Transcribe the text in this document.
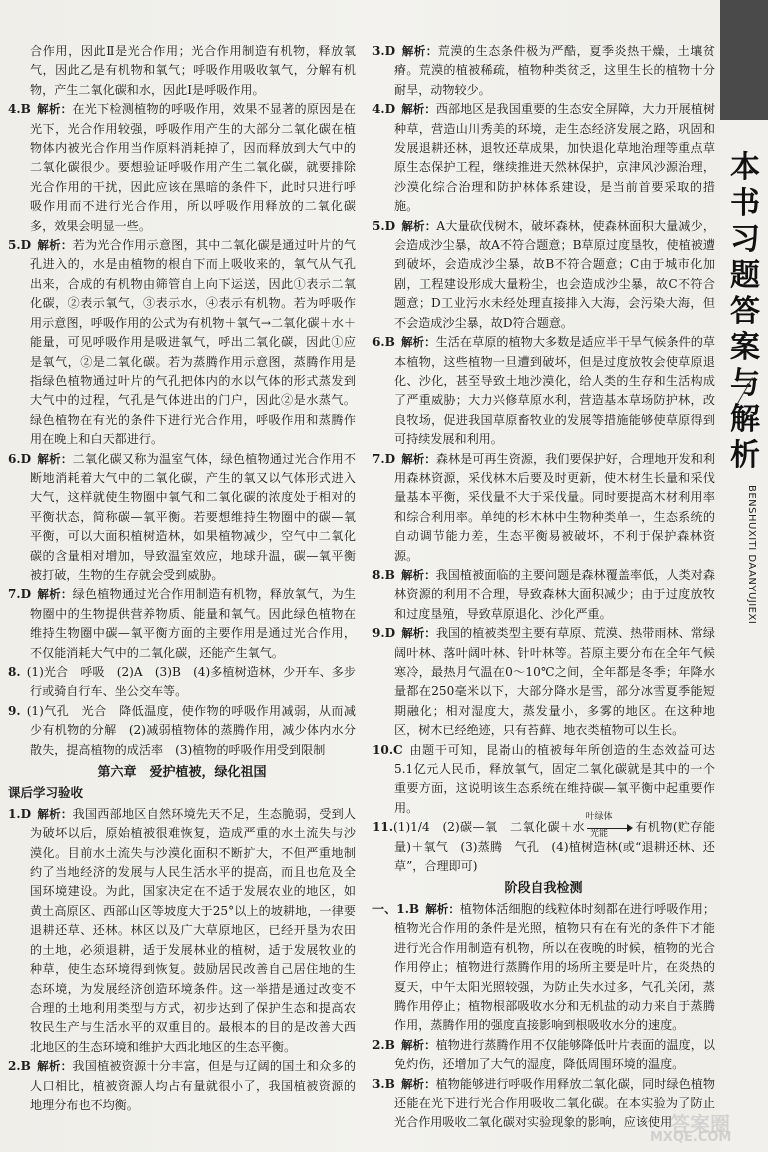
合作用，因此Ⅱ是光合作用；光合作用制造有机物，释放氧气，因此乙是有机物和氧气；呼吸作用吸收氧气，分解有机物，产生二氧化碳和水，因此Ⅰ是呼吸作用。

4.B  解析：在光下检测植物的呼吸作用，效果不显著的原因是在光下，光合作用较强，呼吸作用产生的大部分二氧化碳在植物体内被光合作用当作原料消耗掉了，因而释放到大气中的二氧化碳很少。要想验证呼吸作用产生二氧化碳，就要排除光合作用的干扰，因此应该在黑暗的条件下，此时只进行呼吸作用而不进行光合作用，所以呼吸作用释放的二氧化碳多，效果会明显一些。

5.D  解析：若为光合作用示意图，其中二氧化碳是通过叶片的气孔进入的，水是由植物的根自下而上吸收来的，氧气从气孔出来，合成的有机物由筛管自上向下运送，因此①表示二氧化碳，②表示氧气，③表示水，④表示有机物。若为呼吸作用示意图，呼吸作用的公式为有机物＋氧气→二氧化碳＋水＋能量，可见呼吸作用是吸进氧气，呼出二氧化碳，因此①应是氧气，②是二氧化碳。若为蒸腾作用示意图，蒸腾作用是指绿色植物通过叶片的气孔把体内的水以气体的形式蒸发到大气中的过程，气孔是气体进出的门户，因此②是水蒸气。绿色植物在有光的条件下进行光合作用，呼吸作用和蒸腾作用在晚上和白天都进行。

6.D  解析：二氧化碳又称为温室气体，绿色植物通过光合作用不断地消耗着大气中的二氧化碳，产生的氧又以气体形式进入大气，这样就使生物圈中氧气和二氧化碳的浓度处于相对的平衡状态，简称碳—氧平衡。若要想维持生物圈中的碳—氧平衡，可以大面积植树造林，如果植物减少，空气中二氧化碳的含量相对增加，导致温室效应，地球升温，碳—氧平衡被打破，生物的生存就会受到威胁。

7.D  解析：绿色植物通过光合作用制造有机物，释放氧气，为生物圈中的生物提供营养物质、能量和氧气。因此绿色植物在维持生物圈中碳—氧平衡方面的主要作用是通过光合作用，不仅能消耗大气中的二氧化碳，还能产生氧气。

8.  (1)光合　呼吸　(2)A　(3)B　(4)多植树造林，少开车、多步行或骑自行车、坐公交车等。

9.  (1)气孔　光合　降低温度，使作物的呼吸作用减弱，从而减少有机物的分解　(2)减弱植物体的蒸腾作用，减少体内水分散失，提高植物的成活率　(3)植物的呼吸作用受到限制

第六章　爱护植被，绿化祖国
课后学习验收

1.D  解析：我国西部地区自然环境先天不足，生态脆弱，受到人为破坏以后，原始植被很难恢复，造成严重的水土流失与沙漠化。目前水土流失与沙漠化面积不断扩大，不但严重地制约了当地经济的发展与人民生活水平的提高，而且也危及全国环境建设。为此，国家决定在不适于发展农业的地区，如黄土高原区、西部山区等坡度大于25°以上的坡耕地，一律要退耕还草、还林。林区以及广大草原地区，已经开垦为农田的土地，必须退耕，适于发展林业的植树，适于发展牧业的种草，使生态环境得到恢复。鼓励居民改善自己居住地的生态环境，为发展经济创造环境条件。这一举措是通过改变不合理的土地利用类型与方式，初步达到了保护生态和提高农牧民生产与生活水平的双重目的。最根本的目的是改善大西北地区的生态环境和维护大西北地区的生态平衡。

2.B  解析：我国植被资源十分丰富，但是与辽阔的国土和众多的人口相比，植被资源人均占有量就很小了，我国植被资源的地理分布也不均衡。

3.D  解析：荒漠的生态条件极为严酷，夏季炎热干燥，土壤贫瘠。荒漠的植被稀疏，植物种类贫乏，这里生长的植物十分耐旱，动物较少。

4.D  解析：西部地区是我国重要的生态安全屏障，大力开展植树种草，营造山川秀美的环境，走生态经济发展之路，巩固和发展退耕还林，退牧还草成果，加快退化草地治理等重点草原生态保护工程，继续推进天然林保护，京津风沙源治理，沙漠化综合治理和防护林体系建设，是当前首要采取的措施。

5.D  解析：A大量砍伐树木，破坏森林，使森林面积大量减少，会造成沙尘暴，故A不符合题意；B草原过度垦牧，使植被遭到破坏，会造成沙尘暴，故B不符合题意；C由于城市化加剧，工程建设形成大量粉尘，也会造成沙尘暴，故C不符合题意；D工业污水未经处理直接排入大海，会污染大海，但不会造成沙尘暴，故D符合题意。

6.B  解析：生活在草原的植物大多数是适应半干旱气候条件的草本植物，这些植物一旦遭到破坏，但是过度放牧会使草原退化、沙化，甚至导致土地沙漠化，给人类的生存和生活构成了严重威胁；大力兴修草原水利，营造基本草场防护林，改良牧场，促进我国草原畜牧业的发展等措施能够使草原得到可持续发展和利用。

7.D  解析：森林是可再生资源，我们要保护好，合理地开发和利用森林资源，采伐林木后要及时更新，使木材生长量和采伐量基本平衡，采伐量不大于采伐量。同时要提高木材利用率和综合利用率。单纯的杉木林中生物种类单一，生态系统的自动调节能力差，生态平衡易被破坏，不利于保护森林资源。

8.B  解析：我国植被面临的主要问题是森林覆盖率低，人类对森林资源的利用不合理，导致森林大面积减少；由于过度放牧和过度垦殖，导致草原退化、沙化严重。

9.D  解析：我国的植被类型主要有草原、荒漠、热带雨林、常绿阔叶林、落叶阔叶林、针叶林等。苔原主要分布在全年气候寒冷，最热月气温在0～10℃之间，全年都是冬季；年降水量都在250毫米以下，大部分降水是雪，部分冰雪夏季能短期融化；相对湿度大，蒸发量小，多雾的地区。在这种地区，树木已经绝迹，只有苔藓、地衣类植物可以生长。

10.C  由题干可知，昆嵛山的植被每年所创造的生态效益可达5.1亿元人民币，释放氧气，固定二氧化碳就是其中的一个重要方面，这说明该生态系统在维持碳—氧平衡中起重要作用。

11.(1)1/4　(2)碳—氧　二氧化碳＋水
叶绿体
光能	有机物(贮存能量)＋氧气　(3)蒸腾　气孔　(4)植树造林(或“退耕还林、还草”，合理即可)

阶段自我检测

一、1.B  解析：植物体活细胞的线粒体时刻都在进行呼吸作用；植物光合作用的条件是光照，植物只有在有光的条件下才能进行光合作用制造有机物，所以在夜晚的时候，植物的光合作用停止；植物进行蒸腾作用的场所主要是叶片，在炎热的夏天，中午太阳光照较强，为防止失水过多，气孔关闭，蒸腾作用停止；植物根部吸收水分和无机盐的动力来自于蒸腾作用，蒸腾作用的强度直接影响到根吸收水分的速度。

2.B  解析：植物进行蒸腾作用不仅能够降低叶片表面的温度，以免灼伤，还增加了大气的湿度，降低周围环境的温度。

3.B  解析：植物能够进行呼吸作用释放二氧化碳，同时绿色植物还能在光下进行光合作用吸收二氧化碳。在本实验为了防止光合作用吸收二氧化碳对实验现象的影响，应该使用

本书习题答案与解析
BENSHUXITI DAANYUJIEXI
答案圈
MXQE.COM
